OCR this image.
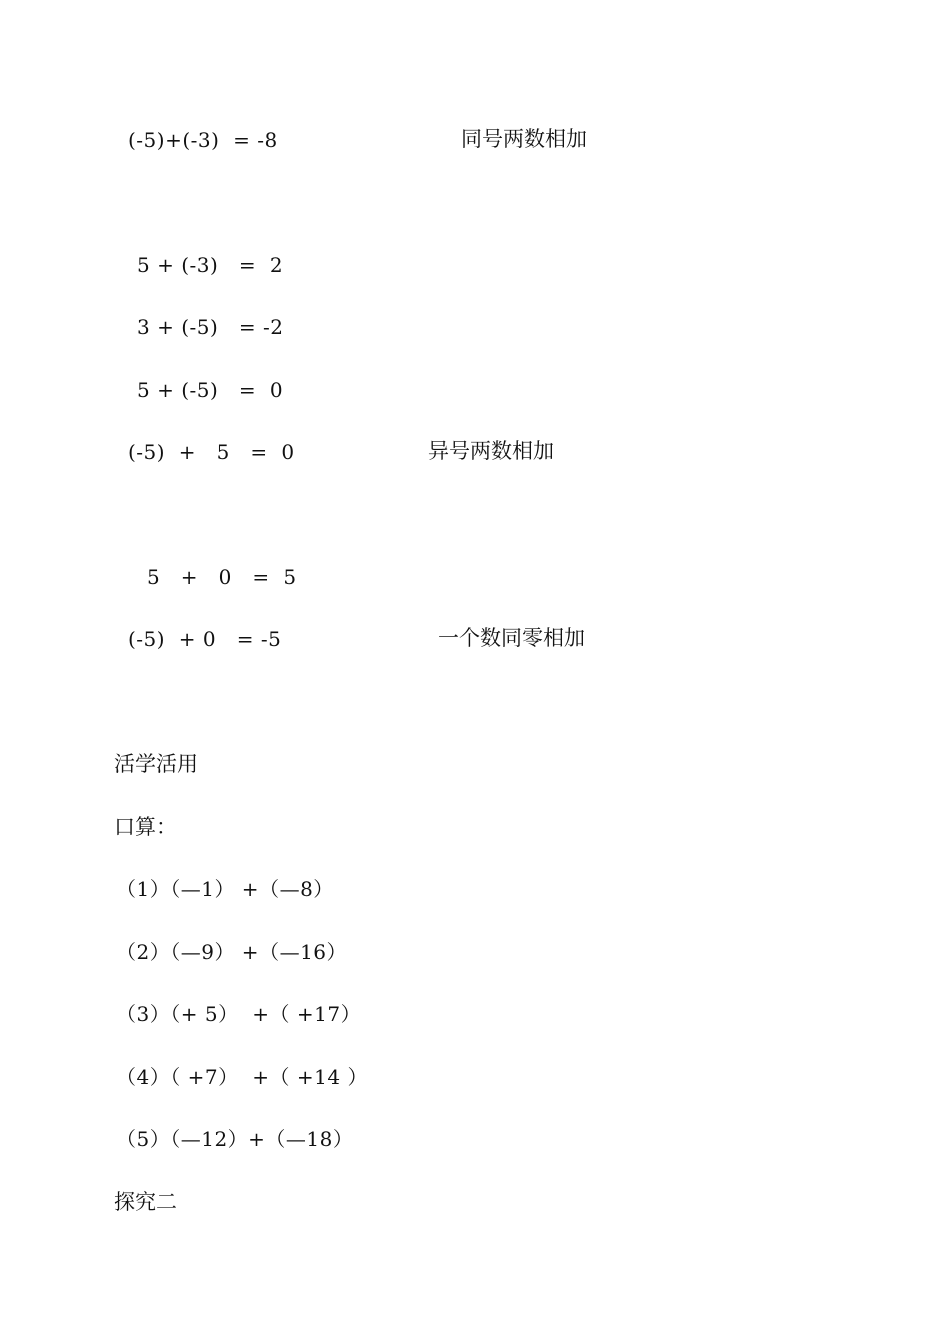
(-5)+(-3)  = -8	同号两数相加
5 + (-3)   =  2
3 + (-5)   = -2
5 + (-5)   =  0
(-5)  +   5   =  0	异号两数相加
5   +   0   =  5
(-5)  + 0   = -5	一个数同零相加
活学活用
口算：
（1）（—1） +（—8）
（2）（—9） +（—16）
（3）（+ 5）  +（ +17）
（4）（ +7）  +（ +14 ）
（5）（—12）+（—18）
探究二
